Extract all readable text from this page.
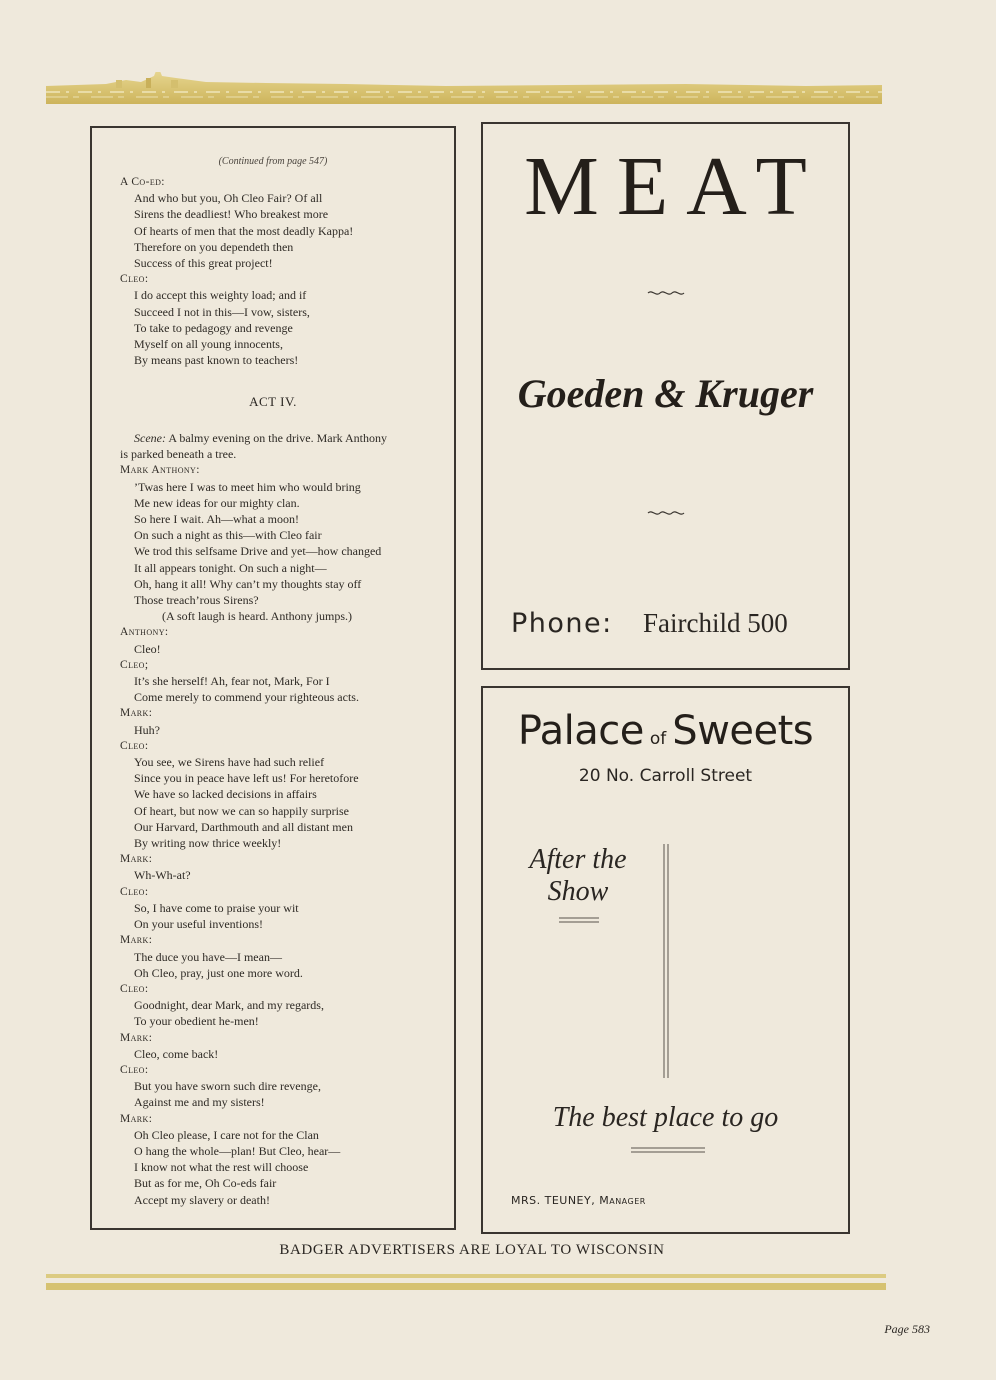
(Continued from page 547)
A Co-ed:
And who but you, Oh Cleo Fair? Of all
Sirens the deadliest! Who breakest more
Of hearts of men that the most deadly Kappa!
Therefore on you dependeth then
Success of this great project!
Cleo:
I do accept this weighty load; and if
Succeed I not in this—I vow, sisters,
To take to pedagogy and revenge
Myself on all young innocents,
By means past known to teachers!
ACT IV.
Scene: A balmy evening on the drive. Mark Anthony
is parked beneath a tree.
Mark Anthony:
’Twas here I was to meet him who would bring
Me new ideas for our mighty clan.
So here I wait. Ah—what a moon!
On such a night as this—with Cleo fair
We trod this selfsame Drive and yet—how changed
It all appears tonight. On such a night—
Oh, hang it all! Why can’t my thoughts stay off
Those treach’rous Sirens?
(A soft laugh is heard. Anthony jumps.)
Anthony:
Cleo!
Cleo;
It’s she herself! Ah, fear not, Mark, For I
Come merely to commend your righteous acts.
Mark:
Huh?
Cleo:
You see, we Sirens have had such relief
Since you in peace have left us! For heretofore
We have so lacked decisions in affairs
Of heart, but now we can so happily surprise
Our Harvard, Darthmouth and all distant men
By writing now thrice weekly!
Mark:
Wh-Wh-at?
Cleo:
So, I have come to praise your wit
On your useful inventions!
Mark:
The duce you have—I mean—
Oh Cleo, pray, just one more word.
Cleo:
Goodnight, dear Mark, and my regards,
To your obedient he-men!
Mark:
Cleo, come back!
Cleo:
But you have sworn such dire revenge,
Against me and my sisters!
Mark:
Oh Cleo please, I care not for the Clan
O hang the whole—plan! But Cleo, hear—
I know not what the rest will choose
But as for me, Oh Co-eds fair
Accept my slavery or death!
MEAT
Goeden & Kruger
Phone: Fairchild 500
Palace of Sweets
20 No. Carroll Street
After the
Show
The best place to go
MRS. TEUNEY, Manager
BADGER ADVERTISERS ARE LOYAL TO WISCONSIN
Page 583
